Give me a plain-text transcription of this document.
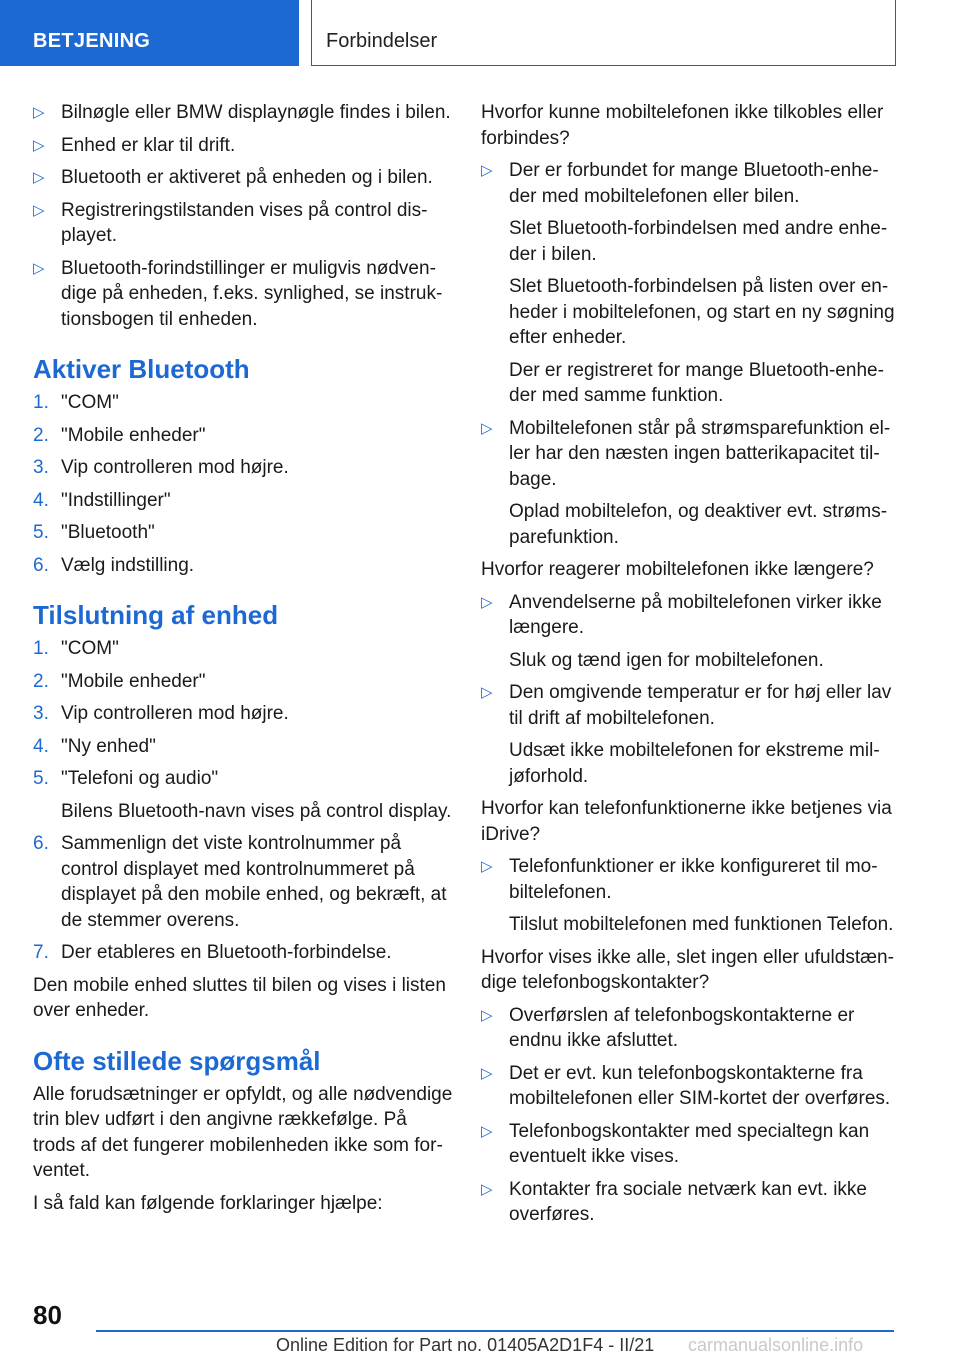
BETJENING	Forbindelser
▷ Bilnøgle eller BMW displaynøgle findes i bilen.
▷ Enhed er klar til drift.
▷ Bluetooth er aktiveret på enheden og i bilen.
▷ Registreringstilstanden vises på control displayet.
▷ Bluetooth-forindstillinger er muligvis nødvendige på enheden, f.eks. synlighed, se instruktionsbogen til enheden.
Aktiver Bluetooth
1. "COM"
2. "Mobile enheder"
3. Vip controlleren mod højre.
4. "Indstillinger"
5. "Bluetooth"
6. Vælg indstilling.
Tilslutning af enhed
1. "COM"
2. "Mobile enheder"
3. Vip controlleren mod højre.
4. "Ny enhed"
5. "Telefoni og audio"
Bilens Bluetooth-navn vises på control display.
6. Sammenlign det viste kontrolnummer på control displayet med kontrolnummeret på displayet på den mobile enhed, og bekræft, at de stemmer overens.
7. Der etableres en Bluetooth-forbindelse.
Den mobile enhed sluttes til bilen og vises i listen over enheder.
Ofte stillede spørgsmål
Alle forudsætninger er opfyldt, og alle nødvendige trin blev udført i den angivne rækkefølge. På trods af det fungerer mobilenheden ikke som forventet.
I så fald kan følgende forklaringer hjælpe:
Hvorfor kunne mobiltelefonen ikke tilkobles eller forbindes?
▷ Der er forbundet for mange Bluetooth-enheder med mobiltelefonen eller bilen.
Slet Bluetooth-forbindelsen med andre enheder i bilen.
Slet Bluetooth-forbindelsen på listen over enheder i mobiltelefonen, og start en ny søgning efter enheder.
Der er registreret for mange Bluetooth-enheder med samme funktion.
▷ Mobiltelefonen står på strømsparefunktion eller har den næsten ingen batterikapacitet tilbage.
Oplad mobiltelefon, og deaktiver evt. strømsparefunktion.
Hvorfor reagerer mobiltelefonen ikke længere?
▷ Anvendelserne på mobiltelefonen virker ikke længere.
Sluk og tænd igen for mobiltelefonen.
▷ Den omgivende temperatur er for høj eller lav til drift af mobiltelefonen.
Udsæt ikke mobiltelefonen for ekstreme miljøforhold.
Hvorfor kan telefonfunktionerne ikke betjenes via iDrive?
▷ Telefonfunktioner er ikke konfigureret til mobiltelefonen.
Tilslut mobiltelefonen med funktionen Telefon.
Hvorfor vises ikke alle, slet ingen eller ufuldstændige telefonbogskontakter?
▷ Overførslen af telefonbogskontakterne er endnu ikke afsluttet.
▷ Det er evt. kun telefonbogskontakterne fra mobiltelefonen eller SIM-kortet der overføres.
▷ Telefonbogskontakter med specialtegn kan eventuelt ikke vises.
▷ Kontakter fra sociale netværk kan evt. ikke overføres.
80
Online Edition for Part no. 01405A2D1F4 - II/21 carmanualsonline.info
